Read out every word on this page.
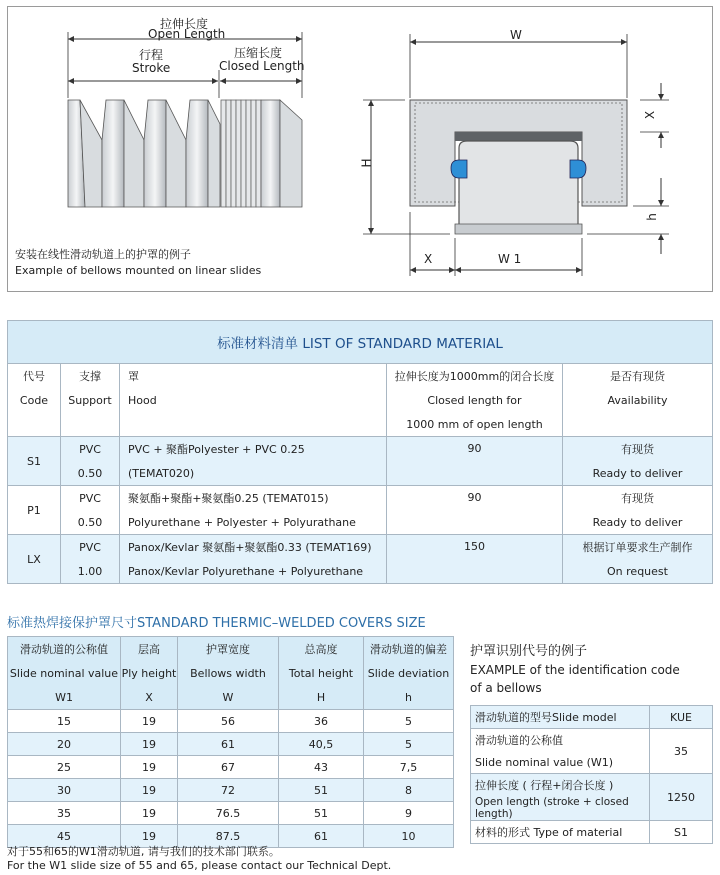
拉伸长度
Open Length
行程
Stroke
压缩长度
Closed Length
安装在线性滑动轨道上的护罩的例子
Example of bellows mounted on linear slides
W
X
H
h
X	W 1
标准材料清单 LIST OF STANDARD MATERIAL				
代号	支撑	罩	拉伸长度为1000mm的闭合长度	是否有现货
Code	Support	Hood	Closed length for	Availability
			1000 mm of open length	
S1	PVC	PVC + 聚酯Polyester + PVC 0.25	90	有现货
	0.50	(TEMAT020)		Ready to deliver
P1	PVC	聚氨酯+聚酯+聚氨酯0.25 (TEMAT015)	90	有现货
	0.50	Polyurethane + Polyester + Polyurathane		Ready to deliver
LX	PVC	Panox/Kevlar 聚氨酯+聚氨酯0.33 (TEMAT169)	150	根据订单要求生产制作
	1.00	Panox/Kevlar Polyurethane + Polyurethane		On request
标准热焊接保护罩尺寸STANDARD THERMIC–WELDED COVERS SIZE
滑动轨道的公称值	层高	护罩宽度	总高度	滑动轨道的偏差
Slide nominal value	Ply height	Bellows width	Total height	Slide deviation
W1	X	W	H	h
15	19	56	36	5
20	19	61	40,5	5
25	19	67	43	7,5
30	19	72	51	8
35	19	76.5	51	9
45	19	87.5	61	10
对于55和65的W1滑动轨道, 请与我们的技术部门联系。
For the W1 slide size of 55 and 65, please contact our Technical Dept.
护罩识别代号的例子
EXAMPLE of the identification code
of a bellows
滑动轨道的型号Slide model	KUE
滑动轨道的公称值	35
Slide nominal value (W1)	
拉伸长度 ( 行程+闭合长度 )	1250
Open length (stroke + closed length)	
材料的形式 Type of material	S1
